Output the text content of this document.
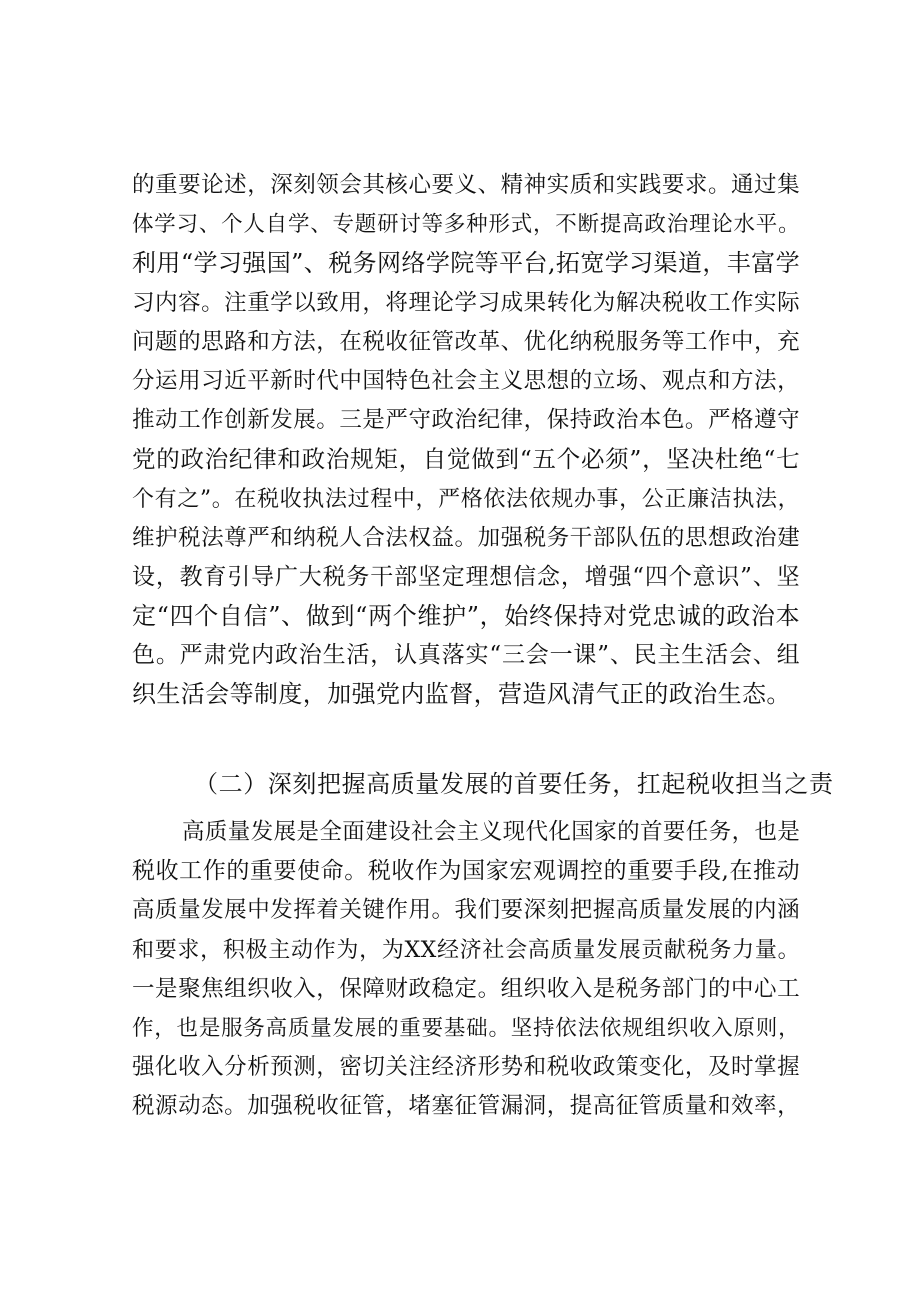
的重要论述，深刻领会其核心要义、精神实质和实践要求。通过集
体学习、个人自学、专题研讨等多种形式，不断提高政治理论水平。
利用“学习强国”、税务网络学院等平台,拓宽学习渠道，丰富学
习内容。注重学以致用，将理论学习成果转化为解决税收工作实际
问题的思路和方法，在税收征管改革、优化纳税服务等工作中，充
分运用习近平新时代中国特色社会主义思想的立场、观点和方法，
推动工作创新发展。三是严守政治纪律，保持政治本色。严格遵守
党的政治纪律和政治规矩，自觉做到“五个必须”，坚决杜绝“七
个有之”。在税收执法过程中，严格依法依规办事，公正廉洁执法，
维护税法尊严和纳税人合法权益。加强税务干部队伍的思想政治建
设，教育引导广大税务干部坚定理想信念，增强“四个意识”、坚
定“四个自信”、做到“两个维护”，始终保持对党忠诚的政治本
色。严肃党内政治生活，认真落实“三会一课”、民主生活会、组
织生活会等制度，加强党内监督，营造风清气正的政治生态。
（二）深刻把握高质量发展的首要任务，扛起税收担当之责
高质量发展是全面建设社会主义现代化国家的首要任务，也是
税收工作的重要使命。税收作为国家宏观调控的重要手段,在推动
高质量发展中发挥着关键作用。我们要深刻把握高质量发展的内涵
和要求，积极主动作为，为XX经济社会高质量发展贡献税务力量。
一是聚焦组织收入，保障财政稳定。组织收入是税务部门的中心工
作，也是服务高质量发展的重要基础。坚持依法依规组织收入原则，
强化收入分析预测，密切关注经济形势和税收政策变化，及时掌握
税源动态。加强税收征管，堵塞征管漏洞，提高征管质量和效率，
